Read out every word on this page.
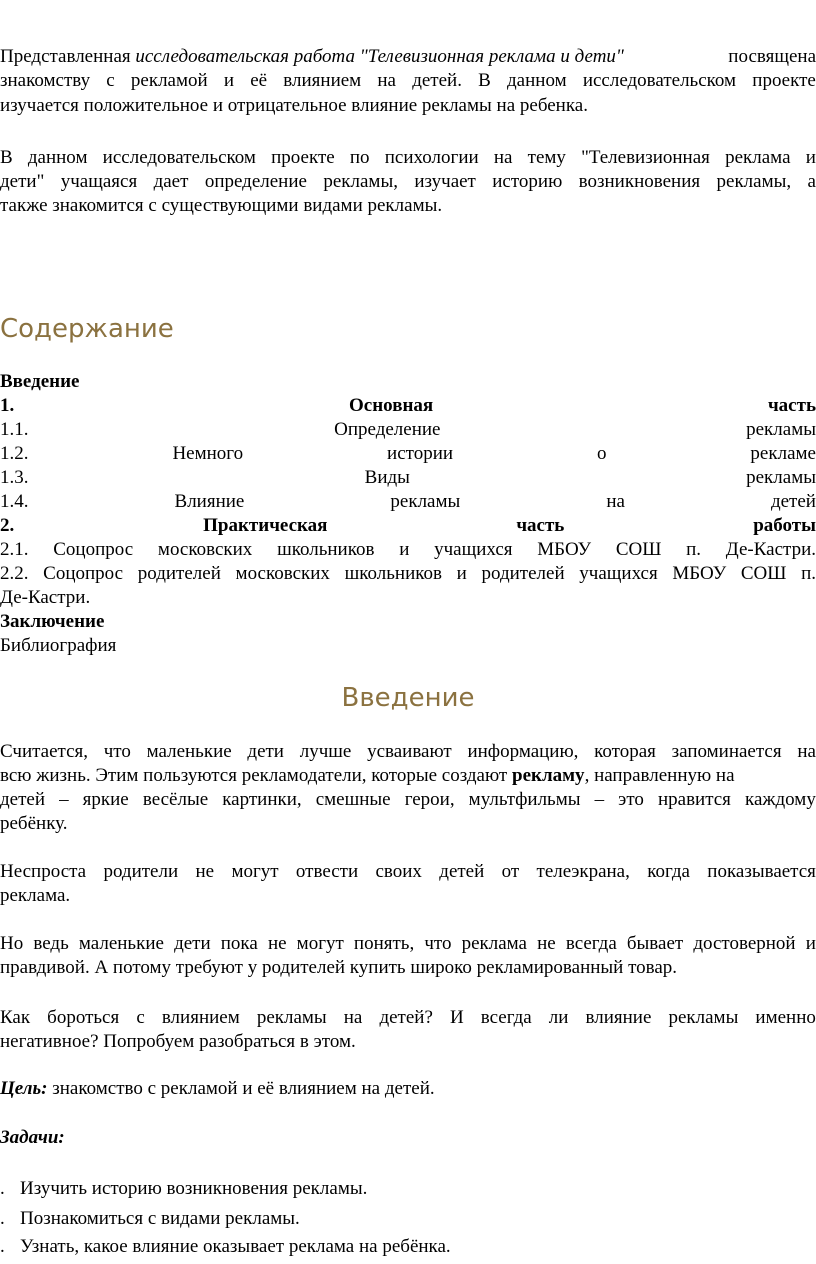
Представленная исследовательская работа "Телевизионная реклама и дети"	посвящена
знакомству с рекламой и её влиянием на детей. В данном исследовательском проекте
изучается положительное и отрицательное влияние рекламы на ребенка.
В данном исследовательском проекте по психологии на тему "Телевизионная реклама и
дети" учащаяся дает определение рекламы, изучает историю возникновения рекламы, а
также знакомится с существующими видами рекламы.
Содержание
Введение
1.	Основная	часть
1.1.	Определение	рекламы
1.2.	Немного	истории	о	рекламе
1.3.	Виды	рекламы
1.4.	Влияние	рекламы	на	детей
2.	Практическая	часть	работы
2.1. Соцопрос московских школьников и учащихся МБОУ СОШ п. Де-Кастри.
2.2. Соцопрос родителей московских школьников и родителей учащихся МБОУ СОШ п.
Де-Кастри.
Заключение
Библиография
Введение
Считается, что маленькие дети лучше усваивают информацию, которая запоминается на
всю жизнь. Этим пользуются рекламодатели, которые создают рекламу, направленную на
детей – яркие весёлые картинки, смешные герои, мультфильмы – это нравится каждому
ребёнку.
Неспроста родители не могут отвести своих детей от телеэкрана, когда показывается
реклама.
Но ведь маленькие дети пока не могут понять, что реклама не всегда бывает достоверной и
правдивой. А потому требуют у родителей купить широко рекламированный товар.
Как бороться с влиянием рекламы на детей? И всегда ли влияние рекламы именно
негативное? Попробуем разобраться в этом.
Цель: знакомство с рекламой и её влиянием на детей.
Задачи:
. Изучить историю возникновения рекламы.
. Познакомиться с видами рекламы.
. Узнать, какое влияние оказывает реклама на ребёнка.
